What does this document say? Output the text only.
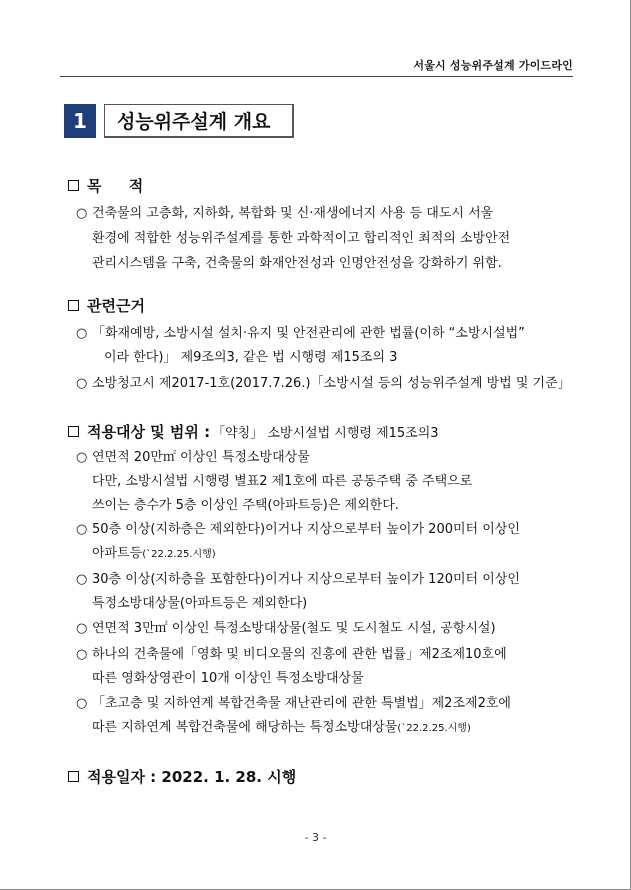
서울시 성능위주설계 가이드라인
1	성능위주설계 개요
목 적
○ 건축물의 고층화, 지하화, 복합화 및 신·재생에너지 사용 등 대도시 서울
환경에 적합한 성능위주설계를 통한 과학적이고 합리적인 최적의 소방안전
관리시스템을 구축, 건축물의 화재안전성과 인명안전성을 강화하기 위함.
관련근거
○ 「화재예방, 소방시설 설치·유지 및 안전관리에 관한 법률(이하 “소방시설법”
이라 한다)」 제9조의3, 같은 법 시행령 제15조의 3
○ 소방청고시 제2017-1호(2017.7.26.)「소방시설 등의 성능위주설계 방법 및 기준」
적용대상 및 범위 : 「약칭」 소방시설법 시행령 제15조의3
○ 연면적 20만㎡ 이상인 특정소방대상물
다만, 소방시설법 시행령 별표2 제1호에 따른 공동주택 중 주택으로
쓰이는 층수가 5층 이상인 주택(아파트등)은 제외한다.
○ 50층 이상(지하층은 제외한다)이거나 지상으로부터 높이가 200미터 이상인
아파트등(`22.2.25.시행)
○ 30층 이상(지하층을 포함한다)이거나 지상으로부터 높이가 120미터 이상인
특정소방대상물(아파트등은 제외한다)
○ 연면적 3만㎡ 이상인 특정소방대상물(철도 및 도시철도 시설, 공항시설)
○ 하나의 건축물에「영화 및 비디오물의 진흥에 관한 법률」제2조제10호에
따른 영화상영관이 10개 이상인 특정소방대상물
○ 「초고층 및 지하연계 복합건축물 재난관리에 관한 특별법」제2조제2호에
따른 지하연계 복합건축물에 해당하는 특정소방대상물(`22.2.25.시행)
적용일자 : 2022. 1. 28. 시행
- 3 -
